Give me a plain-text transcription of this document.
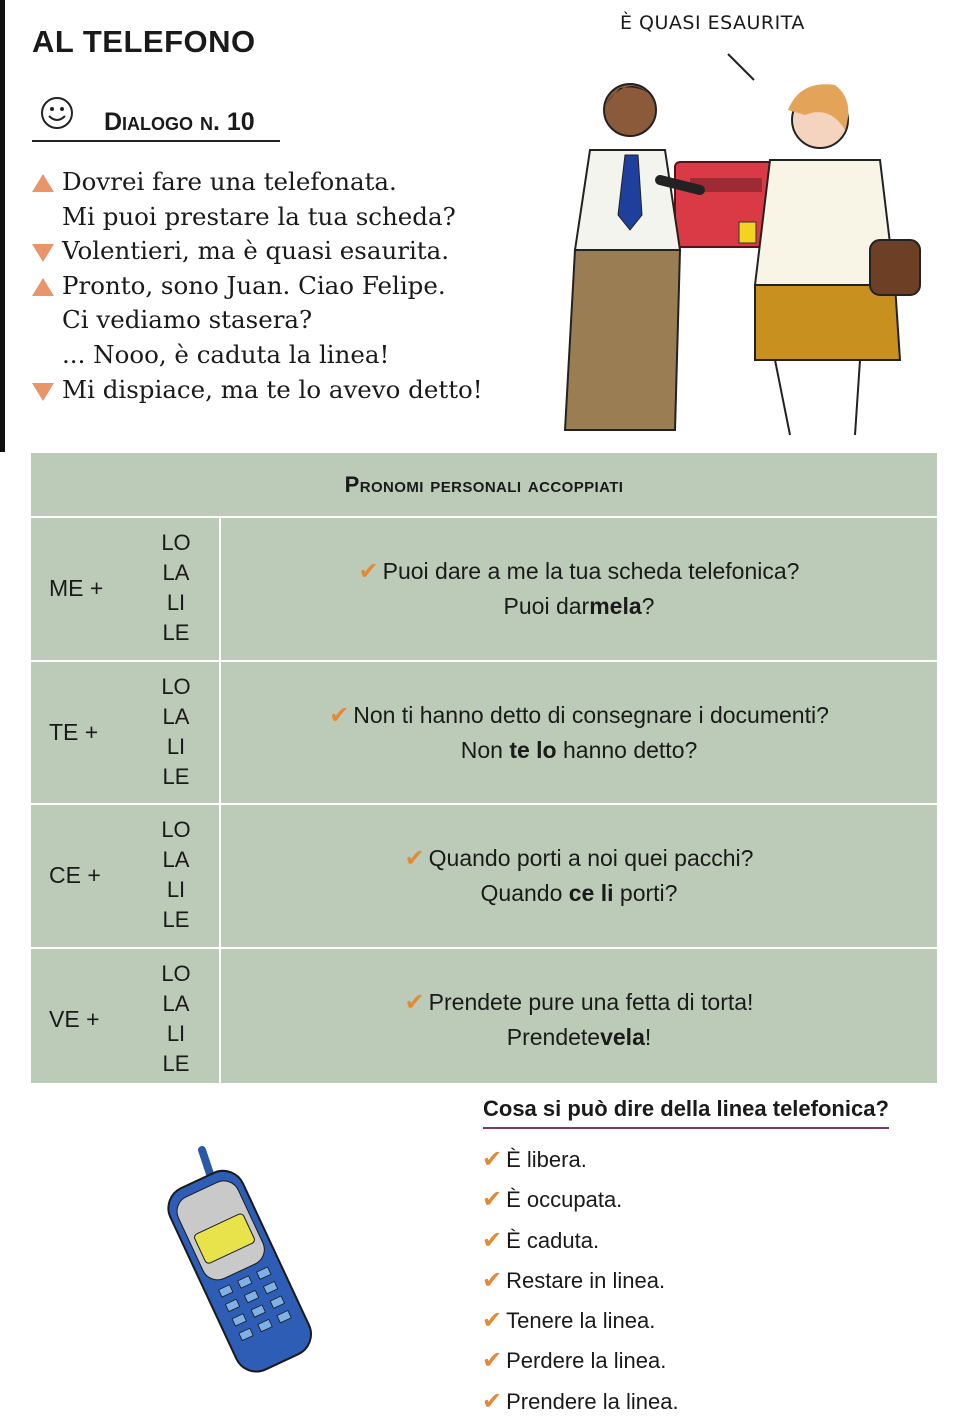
AL TELEFONO
Dialogo n. 10
Dovrei fare una telefonata.
Mi puoi prestare la tua scheda?
Volentieri, ma è quasi esaurita.
Pronto, sono Juan. Ciao Felipe.
Ci vediamo stasera?
... Nooo, è caduta la linea!
Mi dispiace, ma te lo avevo detto!
È QUASI ESAURITA
Pronomi personali accoppiati
ME +
LO
LA
LI
LE
✔ Puoi dare a me la tua scheda telefonica?
Puoi darmela?
TE +
LO
LA
LI
LE
✔ Non ti hanno detto di consegnare i documenti?
Non te lo hanno detto?
CE +
LO
LA
LI
LE
✔ Quando porti a noi quei pacchi?
Quando ce li porti?
VE +
LO
LA
LI
LE
✔ Prendete pure una fetta di torta!
Prendetevela!
Cosa si può dire della linea telefonica?
✔ È libera.
✔ È occupata.
✔ È caduta.
✔ Restare in linea.
✔ Tenere la linea.
✔ Perdere la linea.
✔ Prendere la linea.
